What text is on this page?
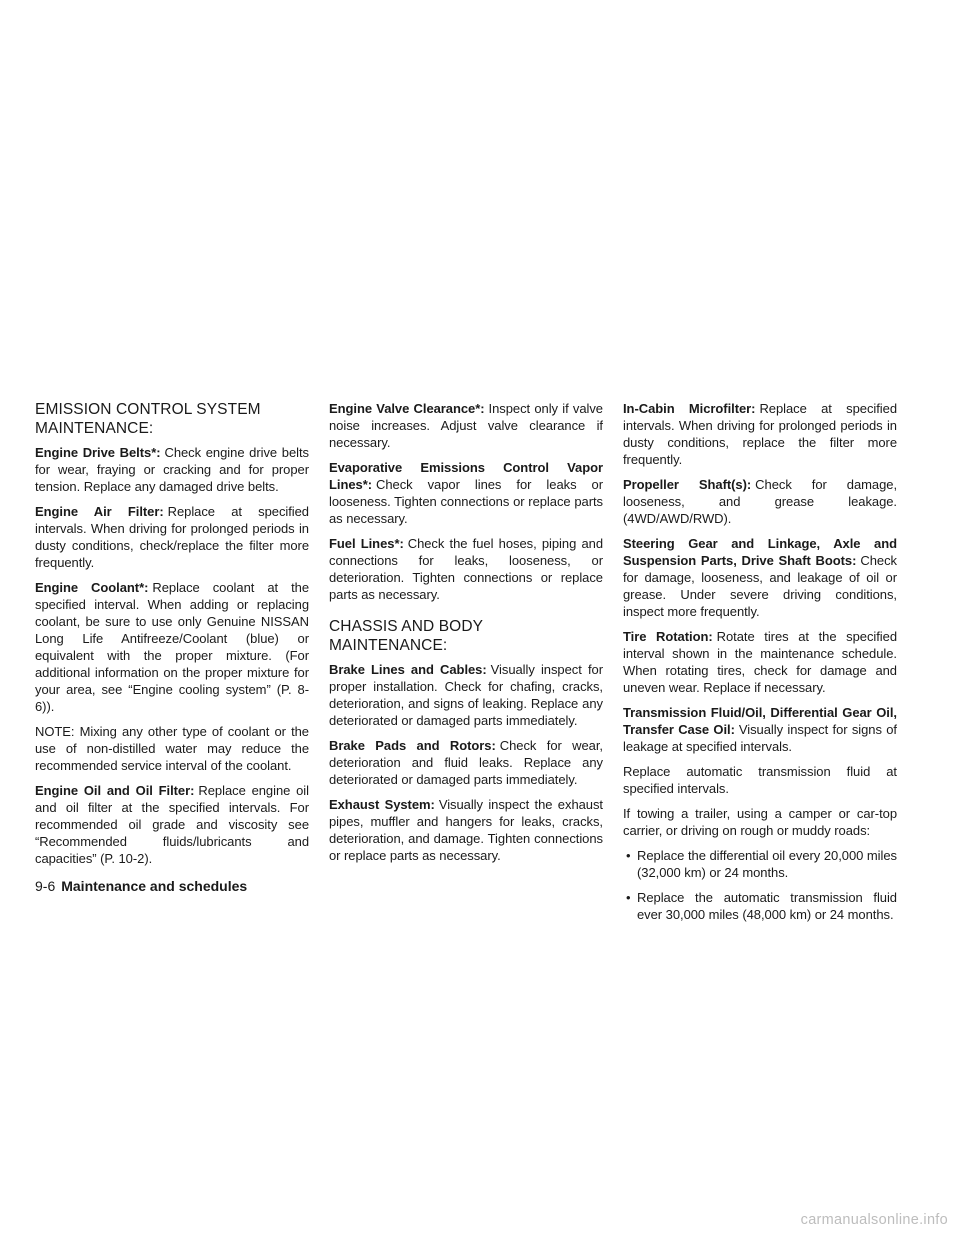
EMISSION CONTROL SYSTEM MAINTENANCE:

Engine Drive Belts*: Check engine drive belts for wear, fraying or cracking and for proper tension. Replace any damaged drive belts.

Engine Air Filter: Replace at specified intervals. When driving for prolonged periods in dusty conditions, check/replace the filter more frequently.

Engine Coolant*: Replace coolant at the specified interval. When adding or replacing coolant, be sure to use only Genuine NISSAN Long Life Antifreeze/Coolant (blue) or equivalent with the proper mixture. (For additional information on the proper mixture for your area, see “Engine cooling system” (P. 8-6)).

NOTE: Mixing any other type of coolant or the use of non-distilled water may reduce the recommended service interval of the coolant.

Engine Oil and Oil Filter: Replace engine oil and oil filter at the specified intervals. For recommended oil grade and viscosity see “Recommended fluids/lubricants and capacities” (P. 10-2).

Engine Valve Clearance*: Inspect only if valve noise increases. Adjust valve clearance if necessary.

Evaporative Emissions Control Vapor Lines*: Check vapor lines for leaks or looseness. Tighten connections or replace parts as necessary.

Fuel Lines*: Check the fuel hoses, piping and connections for leaks, looseness, or deterioration. Tighten connections or replace parts as necessary.

CHASSIS AND BODY MAINTENANCE:

Brake Lines and Cables: Visually inspect for proper installation. Check for chafing, cracks, deterioration, and signs of leaking. Replace any deteriorated or damaged parts immediately.

Brake Pads and Rotors: Check for wear, deterioration and fluid leaks. Replace any deteriorated or damaged parts immediately.

Exhaust System: Visually inspect the exhaust pipes, muffler and hangers for leaks, cracks, deterioration, and damage. Tighten connections or replace parts as necessary.

In-Cabin Microfilter: Replace at specified intervals. When driving for prolonged periods in dusty conditions, replace the filter more frequently.

Propeller Shaft(s): Check for damage, looseness, and grease leakage. (4WD/AWD/RWD).

Steering Gear and Linkage, Axle and Suspension Parts, Drive Shaft Boots: Check for damage, looseness, and leakage of oil or grease. Under severe driving conditions, inspect more frequently.

Tire Rotation: Rotate tires at the specified interval shown in the maintenance schedule. When rotating tires, check for damage and uneven wear. Replace if necessary.

Transmission Fluid/Oil, Differential Gear Oil, Transfer Case Oil: Visually inspect for signs of leakage at specified intervals.

Replace automatic transmission fluid at specified intervals.

If towing a trailer, using a camper or car-top carrier, or driving on rough or muddy roads:

• Replace the differential oil every 20,000 miles (32,000 km) or 24 months.
• Replace the automatic transmission fluid ever 30,000 miles (48,000 km) or 24 months.
9-6 Maintenance and schedules
carmanualsonline.info
